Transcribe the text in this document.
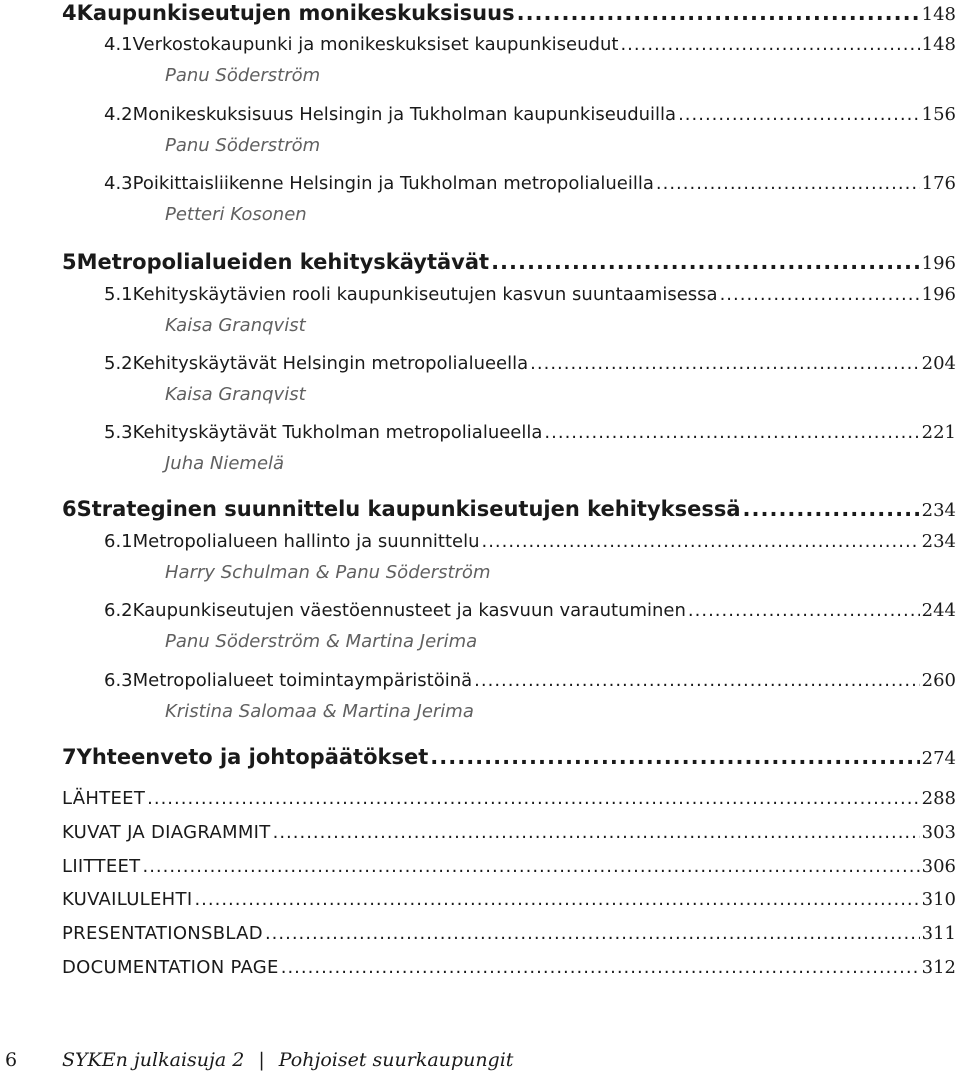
4 Kaupunkiseutujen monikeskuksisuus .....	148
4.1 Verkostokaupunki ja monikeskuksiset kaupunkiseudut .....	148
Panu Söderström
4.2 Monikeskuksisuus Helsingin ja Tukholman kaupunkiseuduilla .....	156
Panu Söderström
4.3 Poikittaisliikenne Helsingin ja Tukholman metropolialueilla .....	176
Petteri Kosonen
5 Metropolialueiden kehityskäytävät .....	196
5.1 Kehityskäytävien rooli kaupunkiseutujen kasvun suuntaamisessa .....	196
Kaisa Granqvist
5.2 Kehityskäytävät Helsingin metropolialueella .....	204
Kaisa Granqvist
5.3 Kehityskäytävät Tukholman metropolialueella .....	221
Juha Niemelä
6 Strateginen suunnittelu kaupunkiseutujen kehityksessä .....	234
6.1 Metropolialueen hallinto ja suunnittelu .....	234
Harry Schulman & Panu Söderström
6.2 Kaupunkiseutujen väestöennusteet ja kasvuun varautuminen .....	244
Panu Söderström & Martina Jerima
6.3 Metropolialueet toimintaympäristöinä .....	260
Kristina Salomaa & Martina Jerima
7 Yhteenveto ja johtopäätökset .....	274
LÄHTEET .....	288
KUVAT JA DIAGRAMMIT .....	303
LIITTEET .....	306
KUVAILULEHTI .....	310
PRESENTATIONSBLAD .....	311
DOCUMENTATION PAGE .....	312
6 SYKEn julkaisuja 2 | Pohjoiset suurkaupungit
